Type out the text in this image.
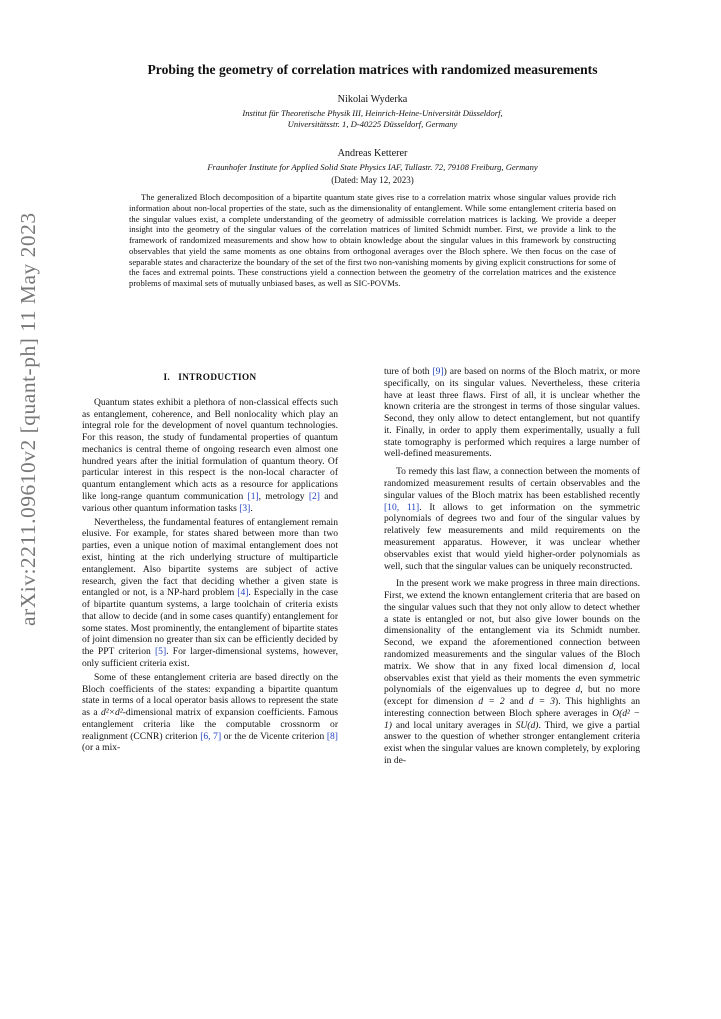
arXiv:2211.09610v2 [quant-ph] 11 May 2023
Probing the geometry of correlation matrices with randomized measurements
Nikolai Wyderka
Institut für Theoretische Physik III, Heinrich-Heine-Universität Düsseldorf,
Universitätsstr. 1, D-40225 Düsseldorf, Germany
Andreas Ketterer
Fraunhofer Institute for Applied Solid State Physics IAF, Tullastr. 72, 79108 Freiburg, Germany
(Dated: May 12, 2023)
The generalized Bloch decomposition of a bipartite quantum state gives rise to a correlation matrix whose singular values provide rich information about non-local properties of the state, such as the dimensionality of entanglement. While some entanglement criteria based on the singular values exist, a complete understanding of the geometry of admissible correlation matrices is lacking. We provide a deeper insight into the geometry of the singular values of the correlation matrices of limited Schmidt number. First, we provide a link to the framework of randomized measurements and show how to obtain knowledge about the singular values in this framework by constructing observables that yield the same moments as one obtains from orthogonal averages over the Bloch sphere. We then focus on the case of separable states and characterize the boundary of the set of the first two non-vanishing moments by giving explicit constructions for some of the faces and extremal points. These constructions yield a connection between the geometry of the correlation matrices and the existence problems of maximal sets of mutually unbiased bases, as well as SIC-POVMs.
I. INTRODUCTION

Quantum states exhibit a plethora of non-classical effects such as entanglement, coherence, and Bell nonlocality which play an integral role for the development of novel quantum technologies. For this reason, the study of fundamental properties of quantum mechanics is central theme of ongoing research even almost one hundred years after the initial formulation of quantum theory. Of particular interest in this respect is the non-local character of quantum entanglement which acts as a resource for applications like long-range quantum communication [1], metrology [2] and various other quantum information tasks [3].

Nevertheless, the fundamental features of entanglement remain elusive. For example, for states shared between more than two parties, even a unique notion of maximal entanglement does not exist, hinting at the rich underlying structure of multiparticle entanglement. Also bipartite systems are subject of active research, given the fact that deciding whether a given state is entangled or not, is a NP-hard problem [4]. Especially in the case of bipartite quantum systems, a large toolchain of criteria exists that allow to decide (and in some cases quantify) entanglement for some states. Most prominently, the entanglement of bipartite states of joint dimension no greater than six can be efficiently decided by the PPT criterion [5]. For larger-dimensional systems, however, only sufficient criteria exist.

Some of these entanglement criteria are based directly on the Bloch coefficients of the states: expanding a bipartite quantum state in terms of a local operator basis allows to represent the state as a d²×d²-dimensional matrix of expansion coefficients. Famous entanglement criteria like the computable crossnorm or realignment (CCNR) criterion [6, 7] or the de Vicente criterion [8] (or a mix-

ture of both [9]) are based on norms of the Bloch matrix, or more specifically, on its singular values. Nevertheless, these criteria have at least three flaws. First of all, it is unclear whether the known criteria are the strongest in terms of those singular values. Second, they only allow to detect entanglement, but not quantify it. Finally, in order to apply them experimentally, usually a full state tomography is performed which requires a large number of well-defined measurements.

To remedy this last flaw, a connection between the moments of randomized measurement results of certain observables and the singular values of the Bloch matrix has been established recently [10, 11]. It allows to get information on the symmetric polynomials of degrees two and four of the singular values by relatively few measurements and mild requirements on the measurement apparatus. However, it was unclear whether observables exist that would yield higher-order polynomials as well, such that the singular values can be uniquely reconstructed.

In the present work we make progress in three main directions. First, we extend the known entanglement criteria that are based on the singular values such that they not only allow to detect whether a state is entangled or not, but also give lower bounds on the dimensionality of the entanglement via its Schmidt number. Second, we expand the aforementioned connection between randomized measurements and the singular values of the Bloch matrix. We show that in any fixed local dimension d, local observables exist that yield as their moments the even symmetric polynomials of the eigenvalues up to degree d, but no more (except for dimension d = 2 and d = 3). This highlights an interesting connection between Bloch sphere averages in O(d² − 1) and local unitary averages in SU(d). Third, we give a partial answer to the question of whether stronger entanglement criteria exist when the singular values are known completely, by exploring in de-
